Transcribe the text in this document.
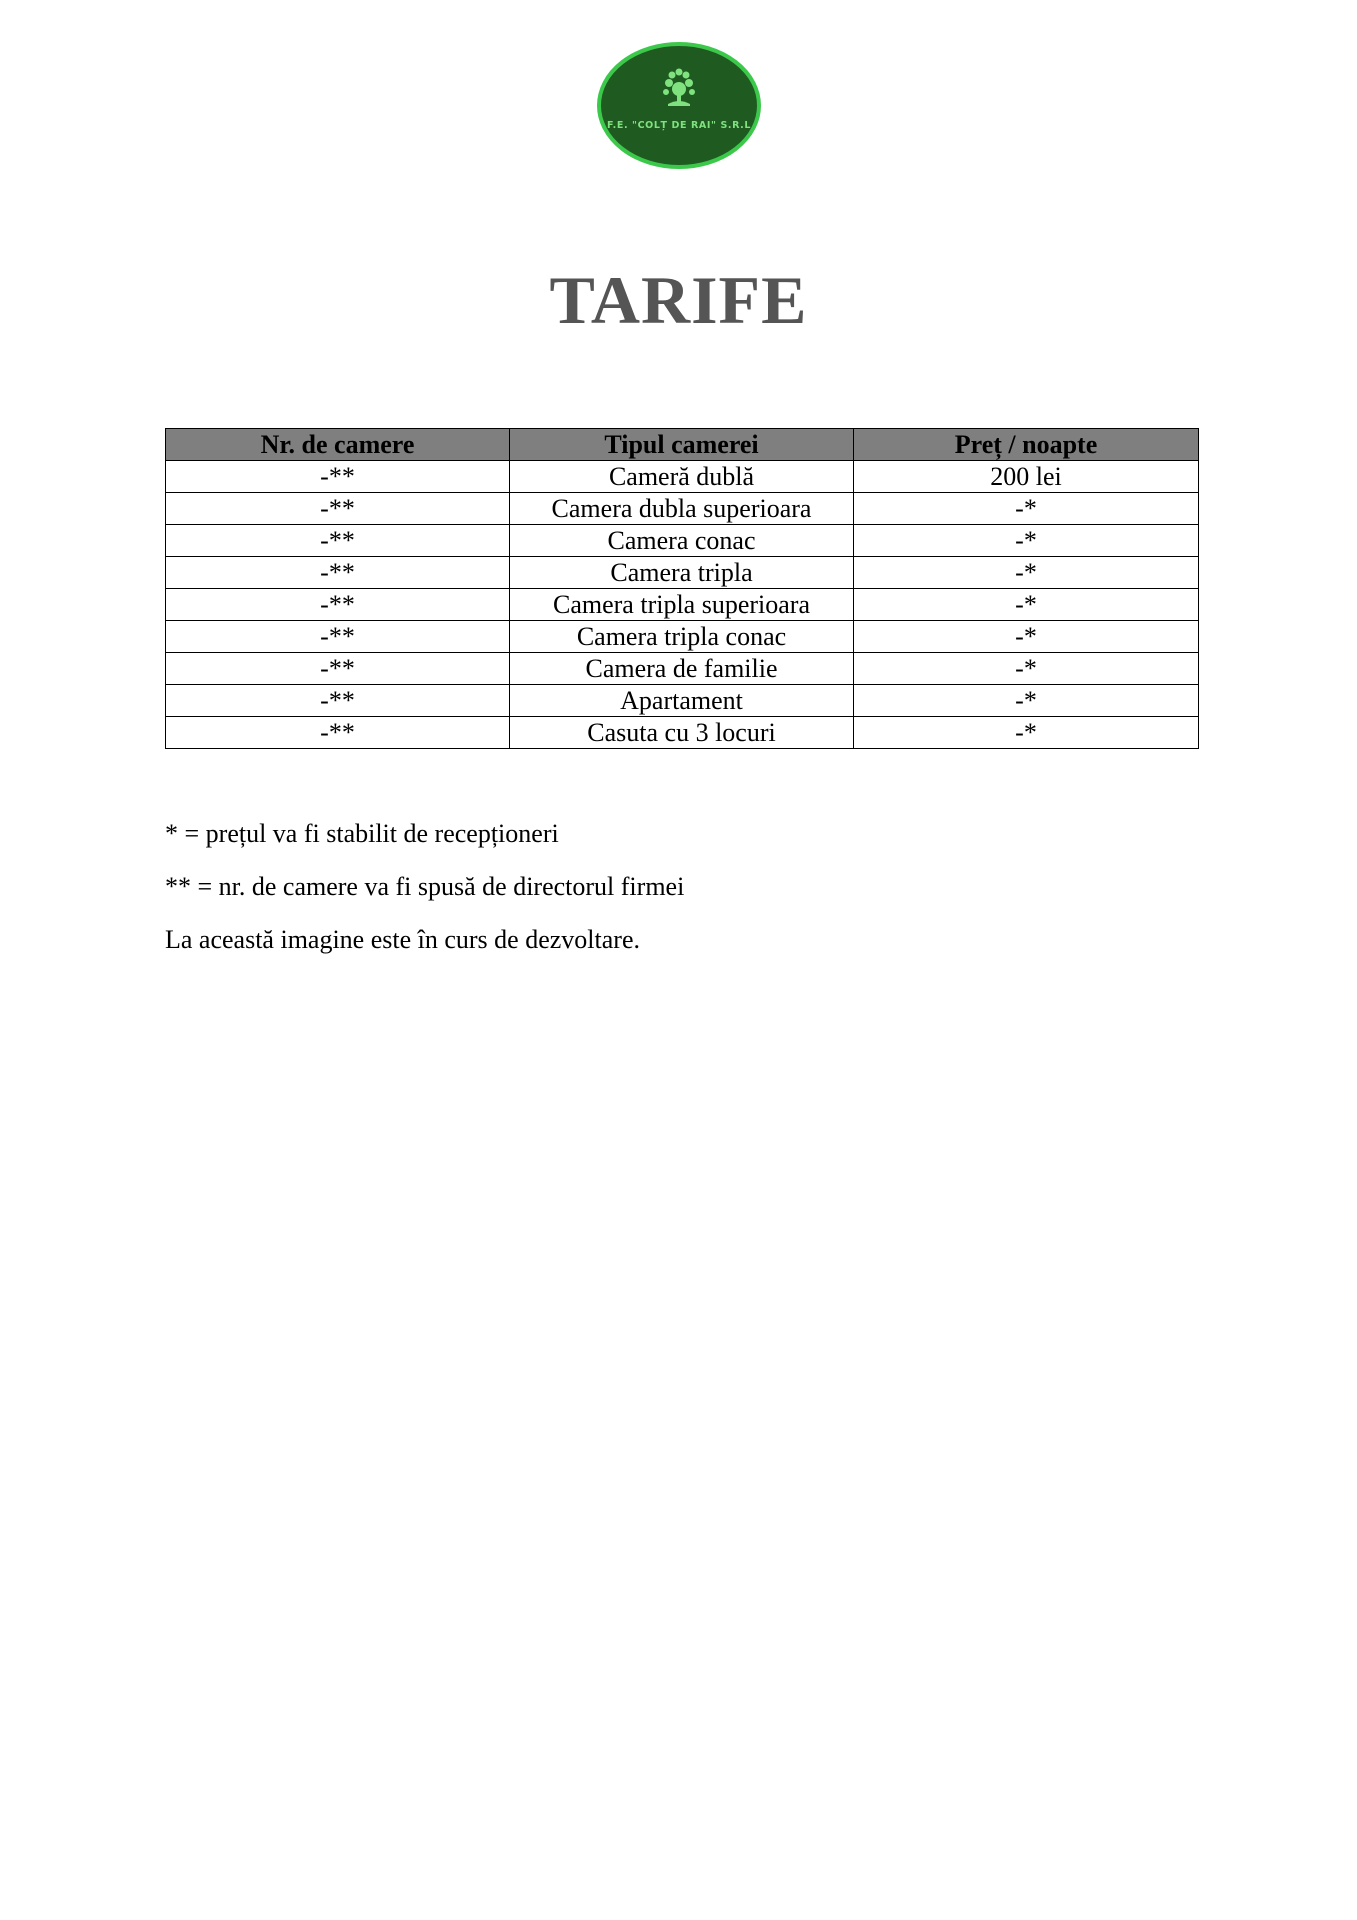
F.E. "COLȚ DE RAI" S.R.L
TARIFE
Nr. de camere	Tipul camerei	Preț / noapte
-**	Cameră dublă	200 lei
-**	Camera dubla superioara	-*
-**	Camera conac	-*
-**	Camera tripla	-*
-**	Camera tripla superioara	-*
-**	Camera tripla conac	-*
-**	Camera de familie	-*
-**	Apartament	-*
-**	Casuta cu 3 locuri	-*

* = prețul va fi stabilit de recepționeri

** = nr. de camere va fi spusă de directorul firmei

La această imagine este în curs de dezvoltare.
